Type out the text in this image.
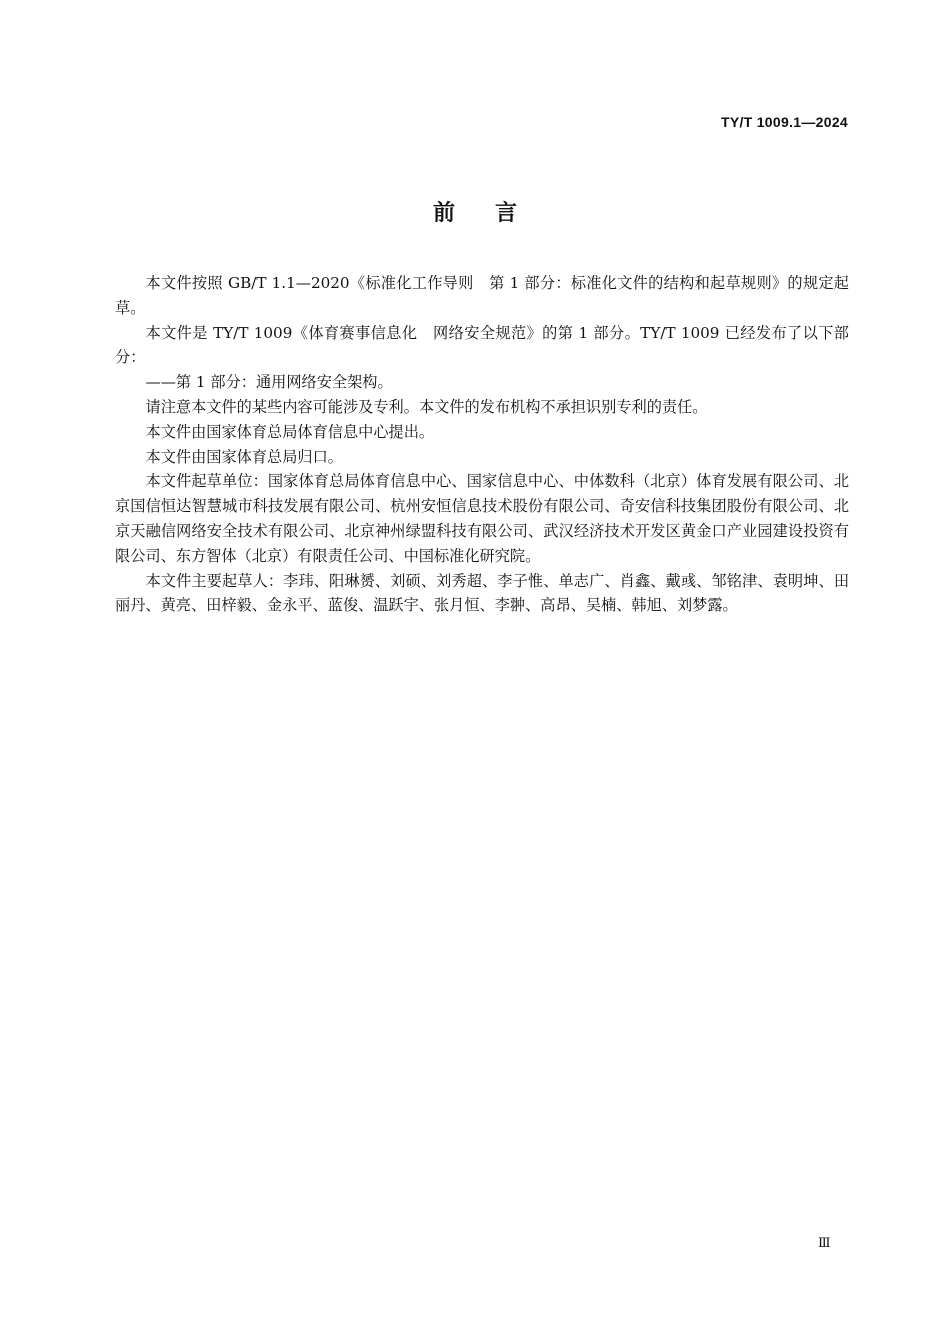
TY/T 1009.1—2024
前言

本文件按照 GB/T 1.1—2020《标准化工作导则　第 1 部分：标准化文件的结构和起草规则》的规定起草。

本文件是 TY/T 1009《体育赛事信息化　网络安全规范》的第 1 部分。TY/T 1009 已经发布了以下部分：

——第 1 部分：通用网络安全架构。

请注意本文件的某些内容可能涉及专利。本文件的发布机构不承担识别专利的责任。

本文件由国家体育总局体育信息中心提出。

本文件由国家体育总局归口。

本文件起草单位：国家体育总局体育信息中心、国家信息中心、中体数科（北京）体育发展有限公司、北京国信恒达智慧城市科技发展有限公司、杭州安恒信息技术股份有限公司、奇安信科技集团股份有限公司、北京天融信网络安全技术有限公司、北京神州绿盟科技有限公司、武汉经济技术开发区黄金口产业园建设投资有限公司、东方智体（北京）有限责任公司、中国标准化研究院。

本文件主要起草人：李玮、阳琳赟、刘硕、刘秀超、李子惟、单志广、肖鑫、戴彧、邹铭津、袁明坤、田丽丹、黄亮、田梓毅、金永平、蓝俊、温跃宇、张月恒、李翀、高昂、吴楠、韩旭、刘梦露。

Ⅲ
